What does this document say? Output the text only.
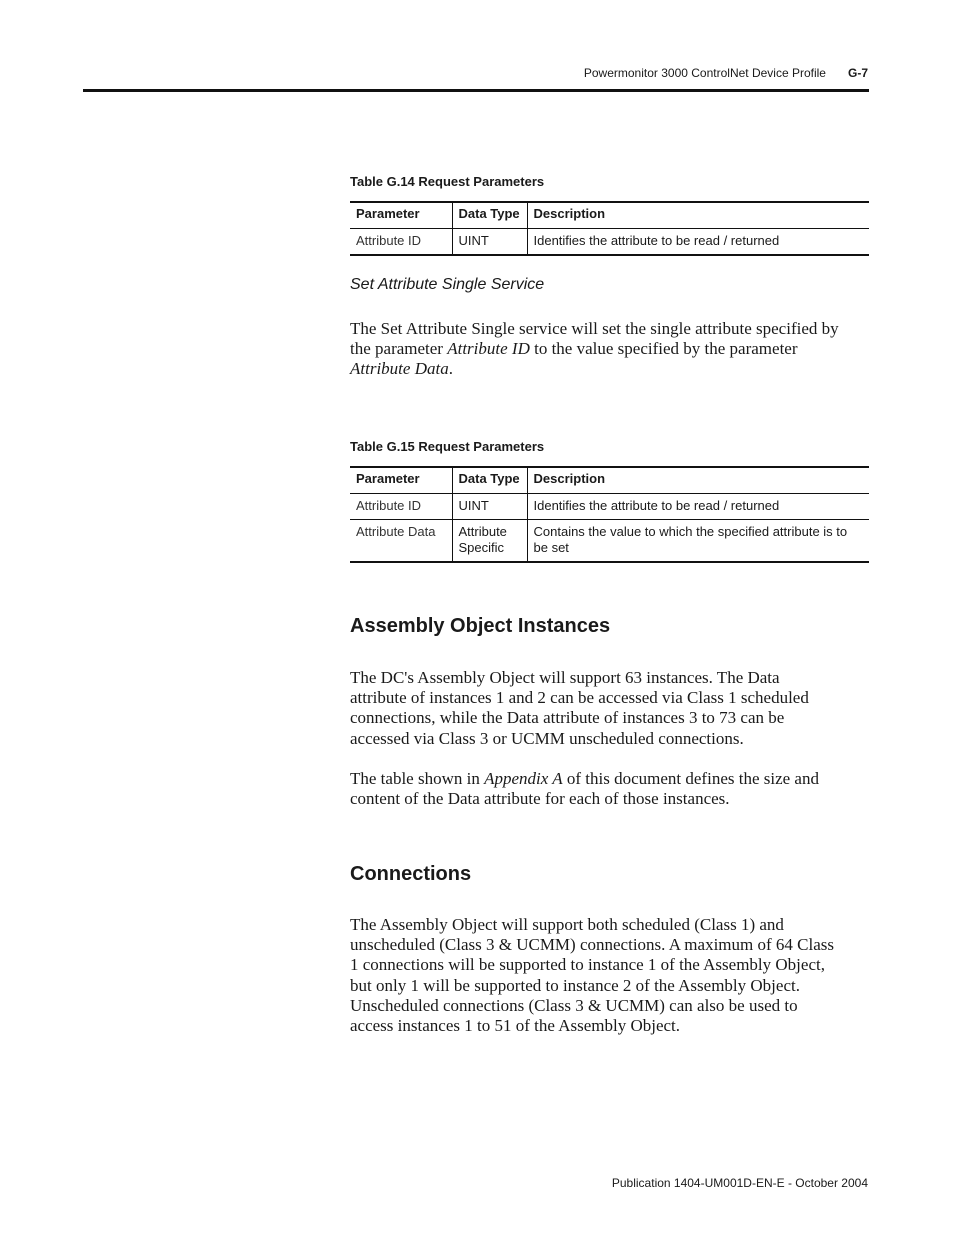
Powermonitor 3000 ControlNet Device Profile G-7
Table G.14 Request Parameters
Parameter	Data Type	Description
Attribute ID	UINT	Identifies the attribute to be read / returned
Set Attribute Single Service
The Set Attribute Single service will set the single attribute specified by
the parameter Attribute ID to the value specified by the parameter
Attribute Data.
Table G.15 Request Parameters
Parameter	Data Type	Description
Attribute ID	UINT	Identifies the attribute to be read / returned
Attribute Data	Attribute Specific	Contains the value to which the specified attribute is to be set
Assembly Object Instances
The DC's Assembly Object will support 63 instances. The Data
attribute of instances 1 and 2 can be accessed via Class 1 scheduled
connections, while the Data attribute of instances 3 to 73 can be
accessed via Class 3 or UCMM unscheduled connections.
The table shown in Appendix A of this document defines the size and
content of the Data attribute for each of those instances.
Connections
The Assembly Object will support both scheduled (Class 1) and
unscheduled (Class 3 & UCMM) connections. A maximum of 64 Class
1 connections will be supported to instance 1 of the Assembly Object,
but only 1 will be supported to instance 2 of the Assembly Object.
Unscheduled connections (Class 3 & UCMM) can also be used to
access instances 1 to 51 of the Assembly Object.
Publication 1404-UM001D-EN-E - October 2004
